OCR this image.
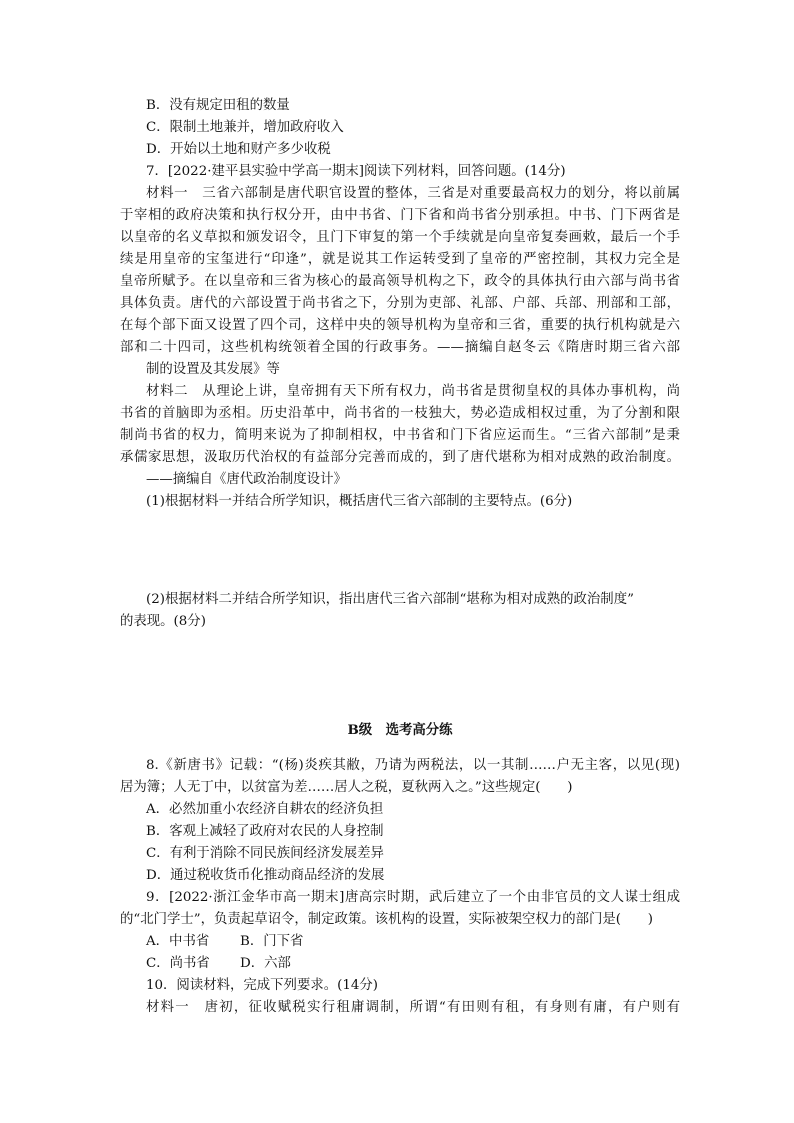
B．没有规定田租的数量
C．限制土地兼并，增加政府收入
D．开始以土地和财产多少收税
7．[2022·建平县实验中学高一期末]阅读下列材料，回答问题。(14分)
材料一　三省六部制是唐代职官设置的整体，三省是对重要最高权力的划分，将以前属
于宰相的政府决策和执行权分开，由中书省、门下省和尚书省分别承担。中书、门下两省是
以皇帝的名义草拟和颁发诏令，且门下审复的第一个手续就是向皇帝复奏画敕，最后一个手
续是用皇帝的宝玺进行“印逢”，就是说其工作运转受到了皇帝的严密控制，其权力完全是
皇帝所赋予。在以皇帝和三省为核心的最高领导机构之下，政令的具体执行由六部与尚书省
具体负责。唐代的六部设置于尚书省之下，分别为吏部、礼部、户部、兵部、刑部和工部，
在每个部下面又设置了四个司，这样中央的领导机构为皇帝和三省，重要的执行机构就是六
部和二十四司，这些机构统领着全国的行政事务。——摘编自赵冬云《隋唐时期三省六部
制的设置及其发展》等
材料二　从理论上讲，皇帝拥有天下所有权力，尚书省是贯彻皇权的具体办事机构，尚
书省的首脑即为丞相。历史沿革中，尚书省的一枝独大，势必造成相权过重，为了分割和限
制尚书省的权力，简明来说为了抑制相权，中书省和门下省应运而生。“三省六部制”是秉
承儒家思想，汲取历代治权的有益部分完善而成的，到了唐代堪称为相对成熟的政治制度。
——摘编自《唐代政治制度设计》
(1)根据材料一并结合所学知识，概括唐代三省六部制的主要特点。(6分)
(2)根据材料二并结合所学知识，指出唐代三省六部制“堪称为相对成熟的政治制度”
的表现。(8分)
B级　选考高分练
8.《新唐书》记载：“(杨)炎疾其敝，乃请为两税法，以一其制……户无主客，以见(现)
居为簿；人无丁中，以贫富为差……居人之税，夏秋两入之。”这些规定(　　)
A．必然加重小农经济自耕农的经济负担
B．客观上减轻了政府对农民的人身控制
C．有利于消除不同民族间经济发展差异
D．通过税收货币化推动商品经济的发展
9．[2022·浙江金华市高一期末]唐高宗时期，武后建立了一个由非官员的文人谋士组成
的“北门学士”，负责起草诏令，制定政策。该机构的设置，实际被架空权力的部门是(　　)
A．中书省 B．门下省
C．尚书省 D．六部
10．阅读材料，完成下列要求。(14分)
材料一　唐初，征收赋税实行租庸调制，所谓“有田则有租，有身则有庸，有户则有
